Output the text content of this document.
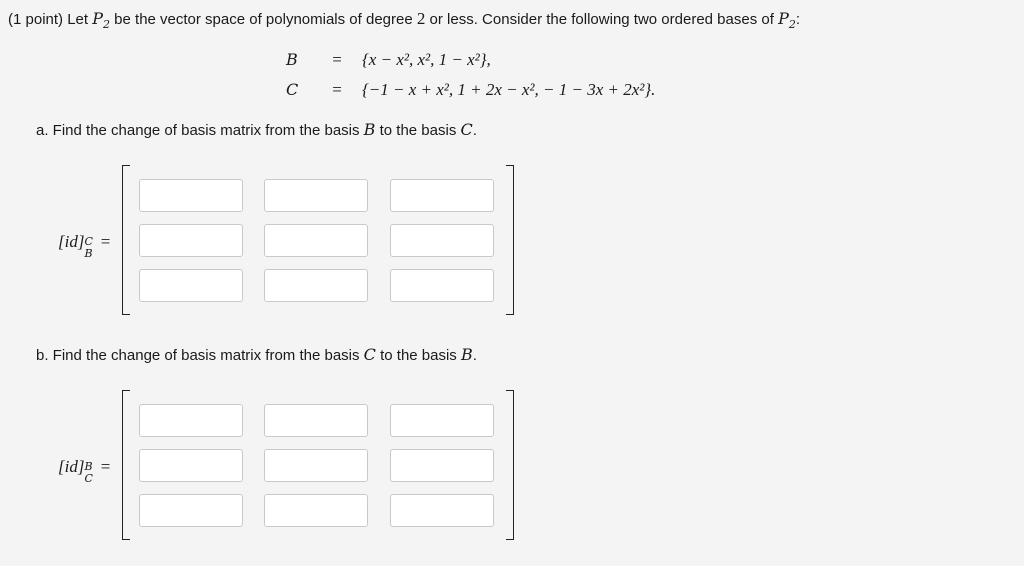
(1 point) Let $P_2$ be the vector space of polynomials of degree 2 or less. Consider the following two ordered bases of $P_2$:
B = {x − x², x², 1 − x²},
C = {−1 − x + x², 1 + 2x − x², − 1 − 3x + 2x²}.
a. Find the change of basis matrix from the basis B to the basis C.
[id] C
B
=
b. Find the change of basis matrix from the basis C to the basis B.
[id] B
C
=
